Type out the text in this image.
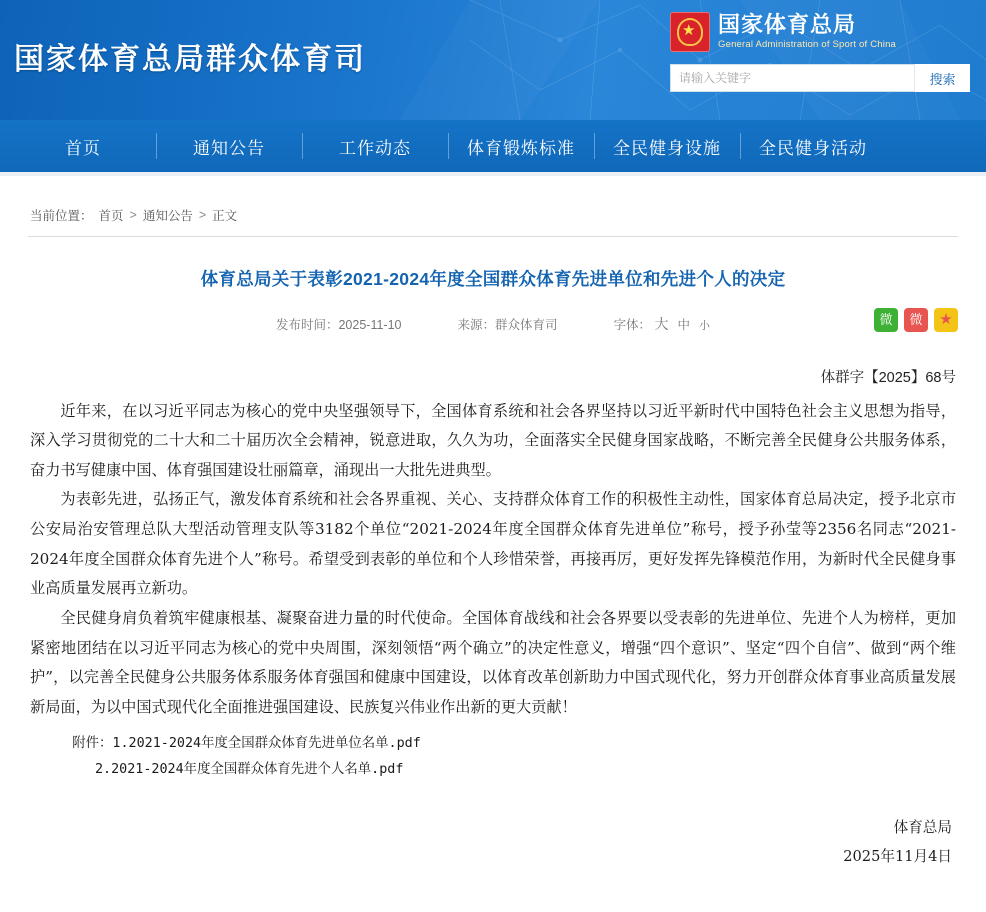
国家体育总局群众体育司
★ 国家体育总局
General Administration of Sport of China
请输入关键字
搜索
首页	通知公告	工作动态	体育锻炼标准 全民健身设施 全民健身活动
当前位置： 首页 > 通知公告 > 正文
体育总局关于表彰2021-2024年度全国群众体育先进单位和先进个人的决定
发布时间：2025-11-10	来源：群众体育司	字体： 大 中 小	微	微	★
体群字【2025】68号

近年来，在以习近平同志为核心的党中央坚强领导下，全国体育系统和社会各界坚持以习近平新时代中国特色社会主义思想为指导，深入学习贯彻党的二十大和二十届历次全会精神，锐意进取，久久为功，全面落实全民健身国家战略，不断完善全民健身公共服务体系，奋力书写健康中国、体育强国建设壮丽篇章，涌现出一大批先进典型。

为表彰先进，弘扬正气，激发体育系统和社会各界重视、关心、支持群众体育工作的积极性主动性，国家体育总局决定，授予北京市公安局治安管理总队大型活动管理支队等3182个单位“2021-2024年度全国群众体育先进单位”称号，授予孙莹等2356名同志“2021-2024年度全国群众体育先进个人”称号。希望受到表彰的单位和个人珍惜荣誉，再接再厉，更好发挥先锋模范作用，为新时代全民健身事业高质量发展再立新功。

全民健身肩负着筑牢健康根基、凝聚奋进力量的时代使命。全国体育战线和社会各界要以受表彰的先进单位、先进个人为榜样，更加紧密地团结在以习近平同志为核心的党中央周围，深刻领悟“两个确立”的决定性意义，增强“四个意识”、坚定“四个自信”、做到“两个维护”，以完善全民健身公共服务体系服务体育强国和健康中国建设，以体育改革创新助力中国式现代化，努力开创群众体育事业高质量发展新局面，为以中国式现代化全面推进强国建设、民族复兴伟业作出新的更大贡献！

附件：1.2021-2024年度全国群众体育先进单位名单.pdf
2.2021-2024年度全国群众体育先进个人名单.pdf
体育总局
2025年11月4日
